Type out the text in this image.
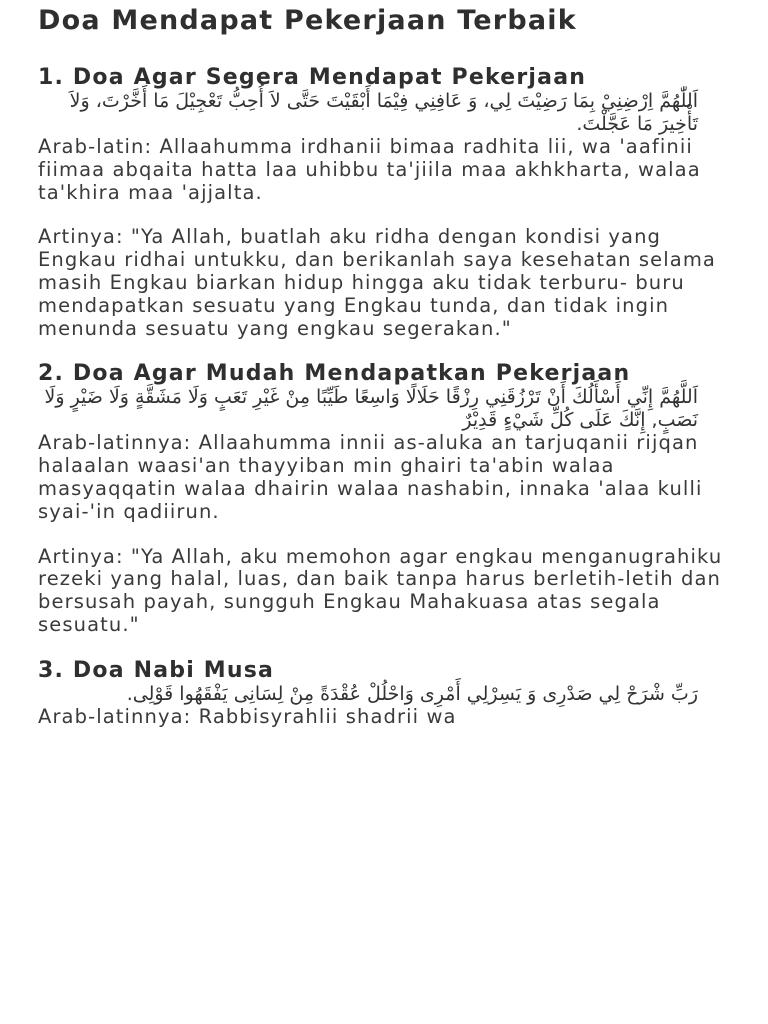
Doa Mendapat Pekerjaan Terbaik
1. Doa Agar Segera Mendapat Pekerjaan

اَللّٰهُمَّ اِرْضِنِيْ بِمَا رَضِيْتَ لِي، وَ عَافِنِي فِيْمَا أَبْقَيْتَ حَتَّى لاَ أُحِبُّ تَعْجِيْلَ مَا أَخَّرْتَ، وَلاَ تَأْخِيرَ مَا عَجَّلْتَ.

Arab-latin: Allaahumma irdhanii bimaa radhita lii, wa 'aafinii fiimaa abqaita hatta laa uhibbu ta'jiila maa akhkharta, walaa ta'khira maa 'ajjalta.

Artinya: "Ya Allah, buatlah aku ridha dengan kondisi yang Engkau ridhai untukku, dan berikanlah saya kesehatan selama masih Engkau biarkan hidup hingga aku tidak terburu- buru mendapatkan sesuatu yang Engkau tunda, dan tidak ingin menunda sesuatu yang engkau segerakan."

2. Doa Agar Mudah Mendapatkan Pekerjaan

اَللَّهُمَّ إِنِّي أَسْأَلُكَ أَنْ تَرْزُقَنِي رِزْقًا حَلَالًا وَاسِعًا طَيِّبًا مِنْ غَيْرِ تَعَبٍ وَلَا مَشَقَّةٍ وَلَا ضَيْرٍ وَلَا نَصَبٍ, إِنَّكَ عَلَى كُلِّ شَيْءٍ قَدِيْرٌ

Arab-latinnya: Allaahumma innii as-aluka an tarjuqanii rijqan halaalan waasi'an thayyiban min ghairi ta'abin walaa masyaqqatin walaa dhairin walaa nashabin, innaka 'alaa kulli syai-'in qadiirun.

Artinya: "Ya Allah, aku memohon agar engkau menganugrahiku rezeki yang halal, luas, dan baik tanpa harus berletih-letih dan bersusah payah, sungguh Engkau Mahakuasa atas segala sesuatu."

3. Doa Nabi Musa

رَبِّ شْرَحْ لِي صَدْرِى وَ يَسِرْلِي أَمْرِى وَاحْلُلْ عُقْدَةً مِنْ لِسَانِى يَفْقَهُوا قَوْلِى.

Arab-latinnya: Rabbisyrahlii shadrii wa
